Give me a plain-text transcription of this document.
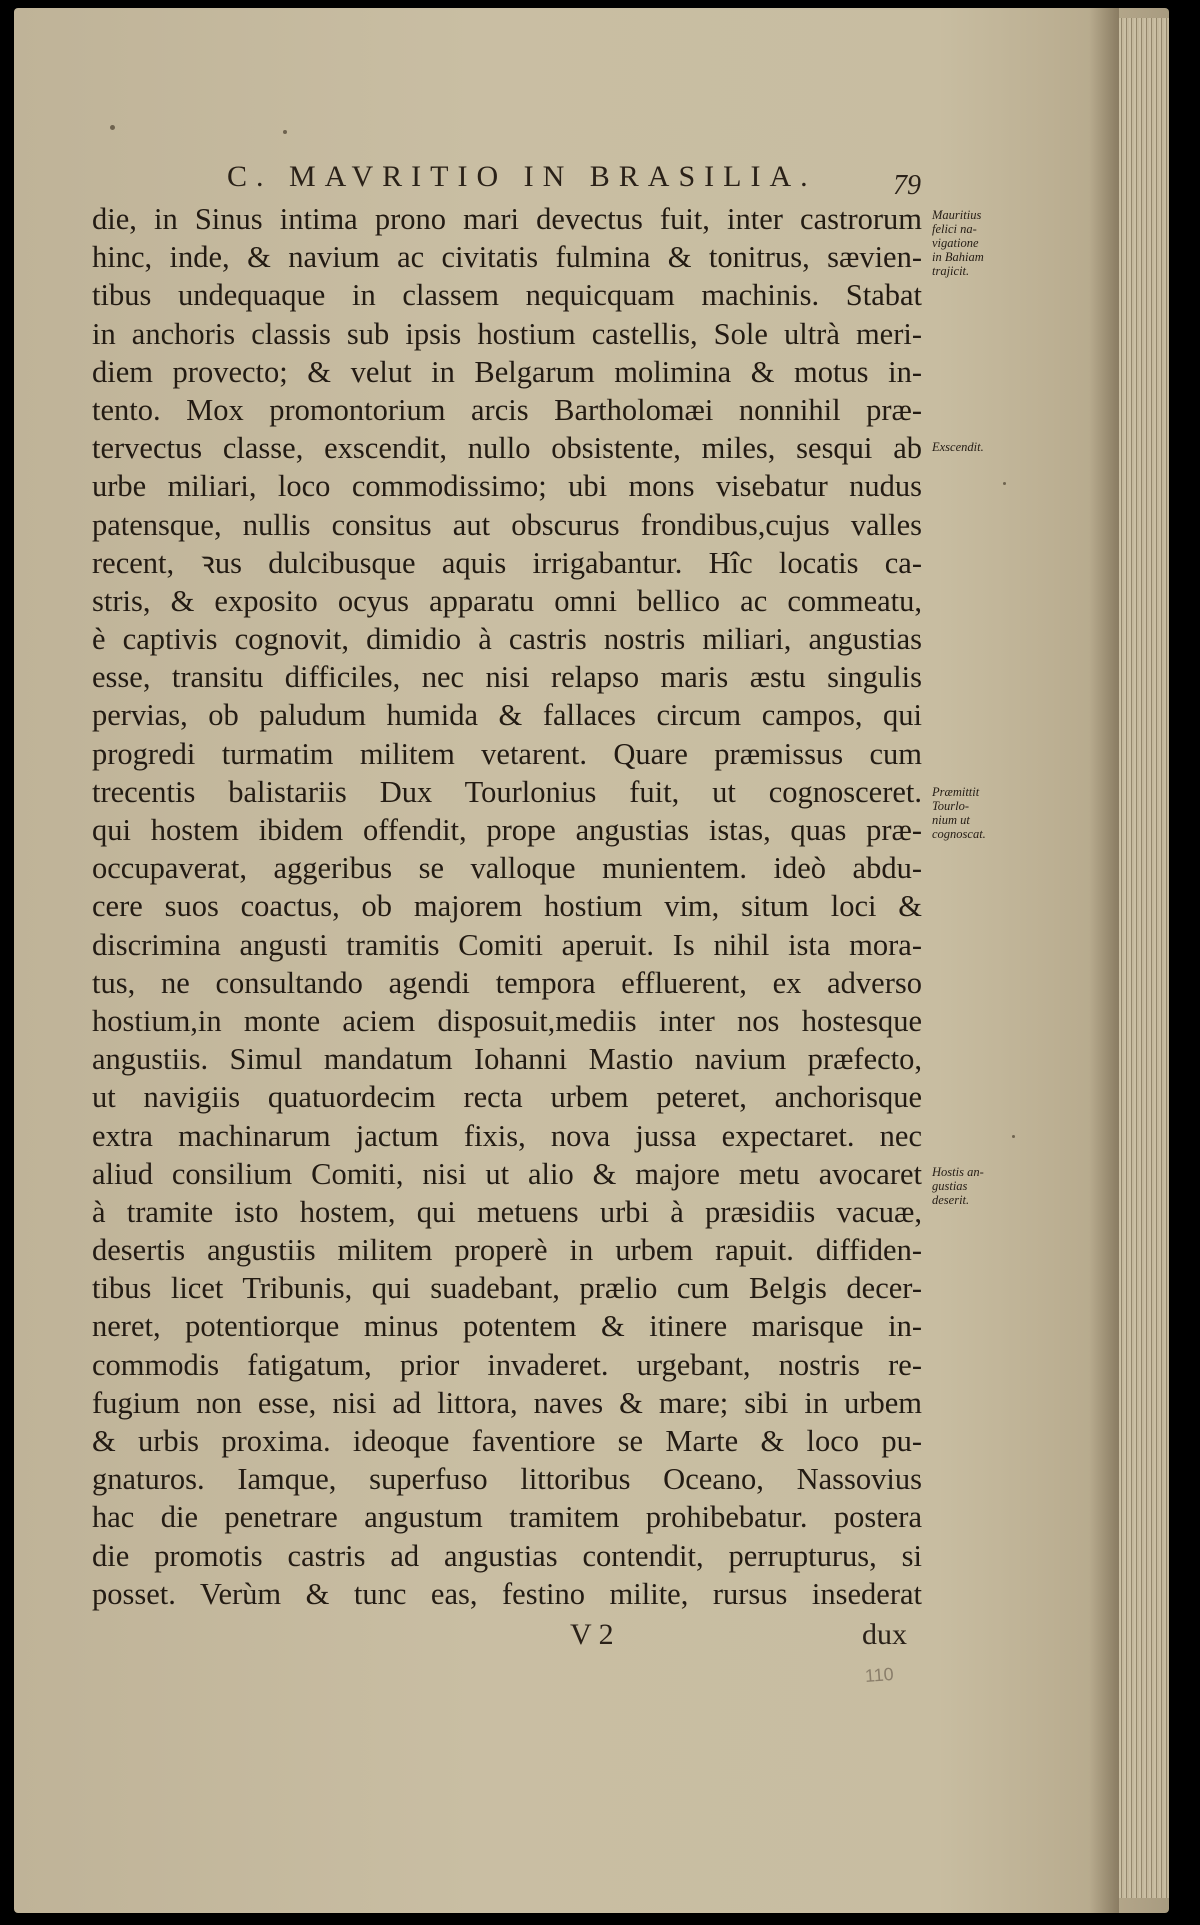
C. MAVRITIO IN BRASILIA.	79
die, in Sinus intima prono mari devectus fuit, inter castrorum
hinc, inde, & navium ac civitatis fulmina & tonitrus, sævien-
tibus undequaque in classem nequicquam machinis. Stabat
in anchoris classis sub ipsis hostium castellis, Sole ultrà meri-
diem provecto; & velut in Belgarum molimina & motus in-
tento. Mox promontorium arcis Bartholomæi nonnihil præ-
tervectus classe, exscendit, nullo obsistente, miles, sesqui ab
urbe miliari, loco commodissimo; ubi mons visebatur nudus
patensque, nullis consitus aut obscurus frondibus,cujus valles
recent, ꝛus dulcibusque aquis irrigabantur. Hîc locatis ca-
stris, & exposito ocyus apparatu omni bellico ac commeatu,
è captivis cognovit, dimidio à castris nostris miliari, angustias
esse, transitu difficiles, nec nisi relapso maris æstu singulis
pervias, ob paludum humida & fallaces circum campos, qui
progredi turmatim militem vetarent. Quare præmissus cum
trecentis balistariis Dux Tourlonius fuit, ut cognosceret.
qui hostem ibidem offendit, prope angustias istas, quas præ-
occupaverat, aggeribus se valloque munientem. ideò abdu-
cere suos coactus, ob majorem hostium vim, situm loci &
discrimina angusti tramitis Comiti aperuit. Is nihil ista mora-
tus, ne consultando agendi tempora effluerent, ex adverso
hostium,in monte aciem disposuit,mediis inter nos hostesque
angustiis. Simul mandatum Iohanni Mastio navium præfecto,
ut navigiis quatuordecim recta urbem peteret, anchorisque
extra machinarum jactum fixis, nova jussa expectaret. nec
aliud consilium Comiti, nisi ut alio & majore metu avocaret
à tramite isto hostem, qui metuens urbi à præsidiis vacuæ,
desertis angustiis militem properè in urbem rapuit. diffiden-
tibus licet Tribunis, qui suadebant, prælio cum Belgis decer-
neret, potentiorque minus potentem & itinere marisque in-
commodis fatigatum, prior invaderet. urgebant, nostris re-
fugium non esse, nisi ad littora, naves & mare; sibi in urbem
& urbis proxima. ideoque faventiore se Marte & loco pu-
gnaturos. Iamque, superfuso littoribus Oceano, Nassovius
hac die penetrare angustum tramitem prohibebatur. postera
die promotis castris ad angustias contendit, perrupturus, si
posset. Verùm & tunc eas, festino milite, rursus insederat
Mauritius
felici na-
vigatione
in Bahiam
trajicit.
Exscendit.
Præmittit
Tourlo-
nium ut
cognoscat.
Hostis an-
gustias
deserit.
V 2	dux
110
